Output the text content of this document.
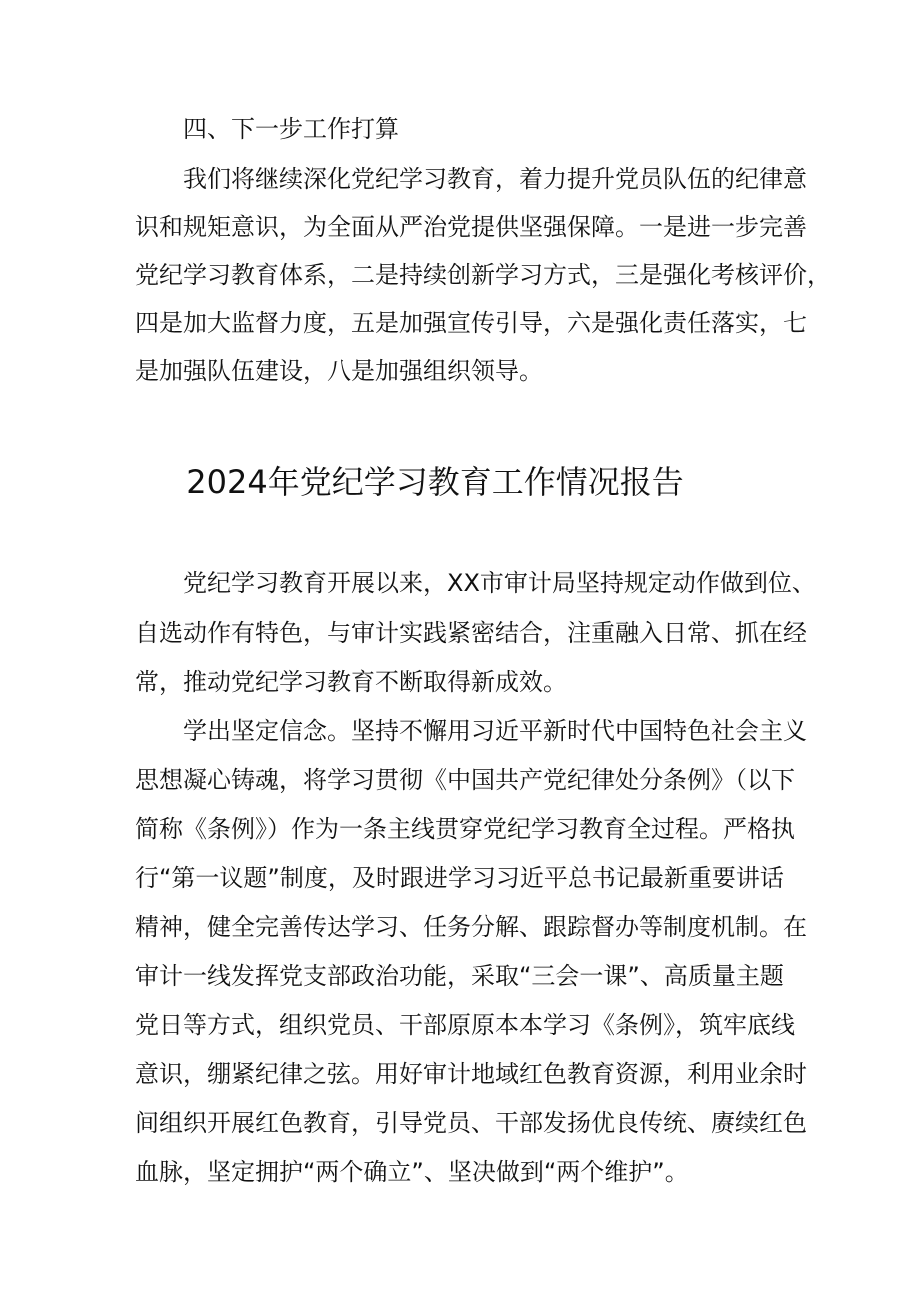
四、下一步工作打算
我们将继续深化党纪学习教育，着力提升党员队伍的纪律意
识和规矩意识，为全面从严治党提供坚强保障。一是进一步完善
党纪学习教育体系，二是持续创新学习方式，三是强化考核评价，
四是加大监督力度，五是加强宣传引导，六是强化责任落实，七
是加强队伍建设，八是加强组织领导。
2024年党纪学习教育工作情况报告
党纪学习教育开展以来，XX市审计局坚持规定动作做到位、
自选动作有特色，与审计实践紧密结合，注重融入日常、抓在经
常，推动党纪学习教育不断取得新成效。
学出坚定信念。坚持不懈用习近平新时代中国特色社会主义
思想凝心铸魂，将学习贯彻《中国共产党纪律处分条例》（以下
简称《条例》）作为一条主线贯穿党纪学习教育全过程。严格执
行“第一议题”制度，及时跟进学习习近平总书记最新重要讲话
精神，健全完善传达学习、任务分解、跟踪督办等制度机制。在
审计一线发挥党支部政治功能，采取“三会一课”、高质量主题
党日等方式，组织党员、干部原原本本学习《条例》，筑牢底线
意识，绷紧纪律之弦。用好审计地域红色教育资源，利用业余时
间组织开展红色教育，引导党员、干部发扬优良传统、赓续红色
血脉，坚定拥护“两个确立”、坚决做到“两个维护”。
